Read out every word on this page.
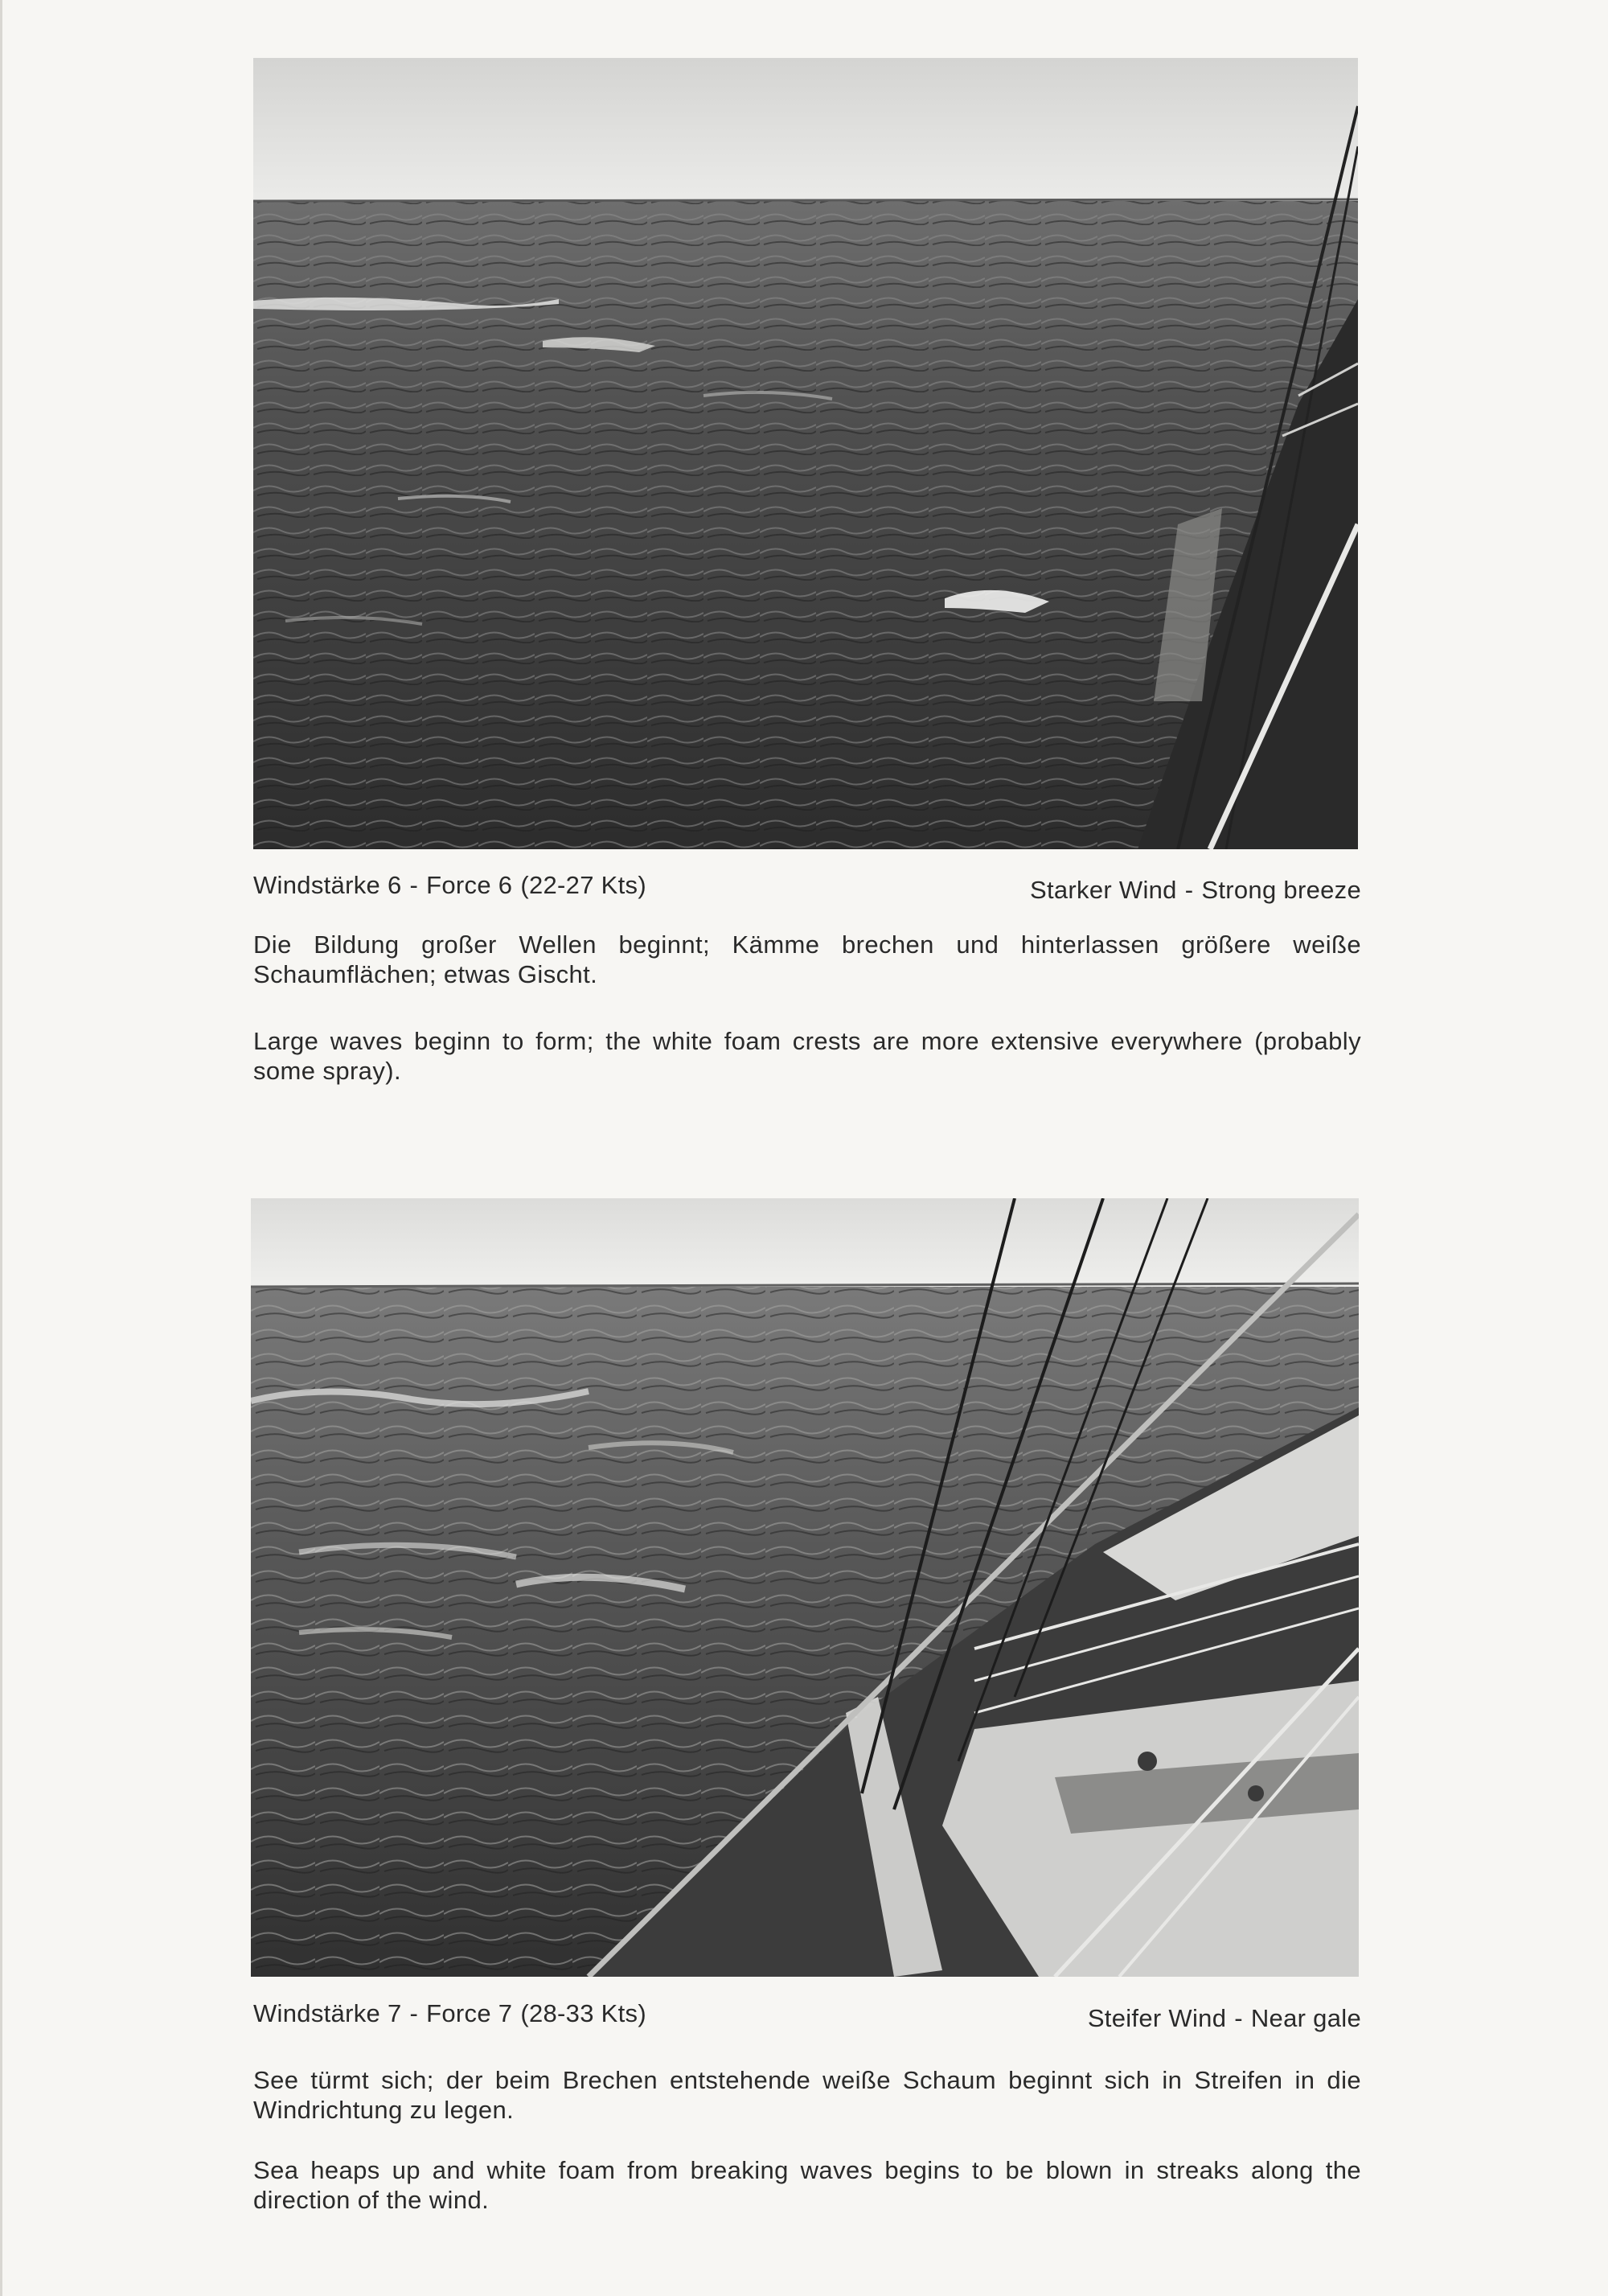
Windstärke 6 - Force 6 (22-27 Kts)	Starker Wind - Strong breeze

Die Bildung großer Wellen beginnt; Kämme brechen und hinterlassen größere weiße Schaumflächen; etwas Gischt.

Large waves beginn to form; the white foam crests are more extensive everywhere (probably some spray).

Windstärke 7 - Force 7 (28-33 Kts)	Steifer Wind - Near gale

See türmt sich; der beim Brechen entstehende weiße Schaum beginnt sich in Streifen in die Windrichtung zu legen.

Sea heaps up and white foam from breaking waves begins to be blown in streaks along the direction of the wind.
